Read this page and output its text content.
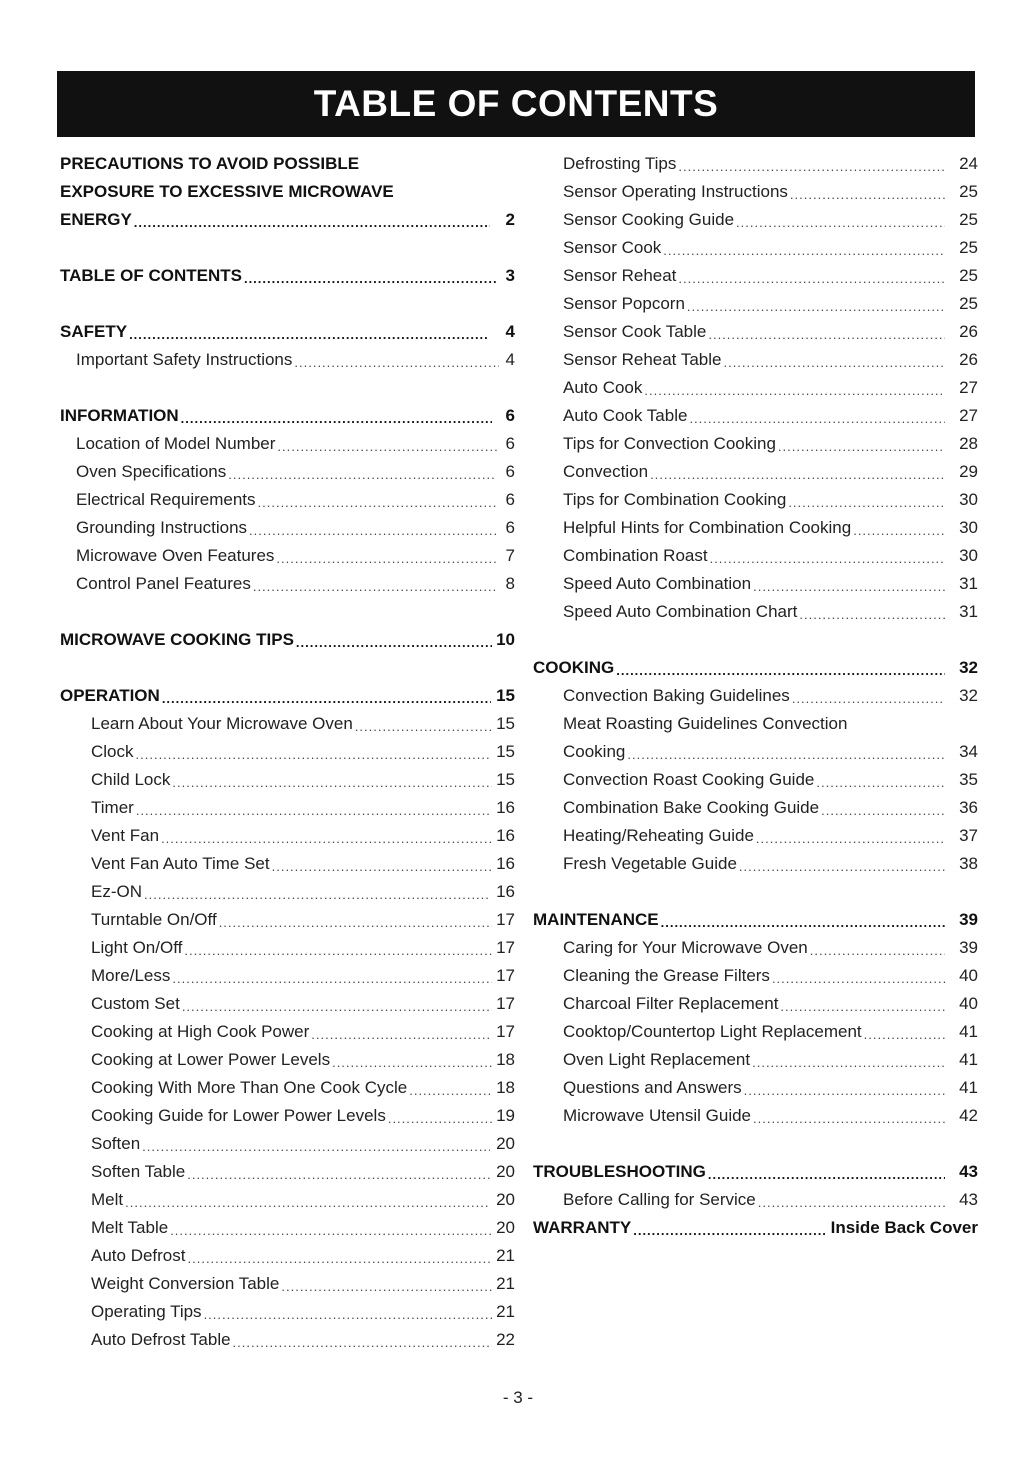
TABLE OF CONTENTS
PRECAUTIONS TO AVOID POSSIBLE
EXPOSURE TO EXCESSIVE MICROWAVE
ENERGY .....	2
TABLE OF CONTENTS .....	3
SAFETY .....	4
Important Safety Instructions .....	4
INFORMATION .....	6
Location of Model Number .....	6
Oven Specifications .....	6
Electrical Requirements .....	6
Grounding Instructions .....	6
Microwave Oven Features .....	7
Control Panel Features .....	8
MICROWAVE COOKING TIPS .....	10
OPERATION .....	15
Learn About Your Microwave Oven .....	15
Clock .....	15
Child Lock .....	15
Timer .....	16
Vent Fan .....	16
Vent Fan Auto Time Set .....	16
Ez-ON .....	16
Turntable On/Off .....	17
Light On/Off .....	17
More/Less .....	17
Custom Set .....	17
Cooking at High Cook Power .....	17
Cooking at Lower Power Levels .....	18
Cooking With More Than One Cook Cycle .....	18
Cooking Guide for Lower Power Levels .....	19
Soften .....	20
Soften Table .....	20
Melt .....	20
Melt Table .....	20
Auto Defrost .....	21
Weight Conversion Table .....	21
Operating Tips .....	21
Auto Defrost Table .....	22
Defrosting Tips .....	24
Sensor Operating Instructions .....	25
Sensor Cooking Guide .....	25
Sensor Cook .....	25
Sensor Reheat .....	25
Sensor Popcorn .....	25
Sensor Cook Table .....	26
Sensor Reheat Table .....	26
Auto Cook .....	27
Auto Cook Table .....	27
Tips for Convection Cooking .....	28
Convection .....	29
Tips for Combination Cooking .....	30
Helpful Hints for Combination Cooking .....	30
Combination Roast .....	30
Speed Auto Combination .....	31
Speed Auto Combination Chart .....	31
COOKING .....	32
Convection Baking Guidelines .....	32
Meat Roasting Guidelines Convection
Cooking .....	34
Convection Roast Cooking Guide .....	35
Combination Bake Cooking Guide .....	36
Heating/Reheating Guide .....	37
Fresh Vegetable Guide .....	38
MAINTENANCE .....	39
Caring for Your Microwave Oven .....	39
Cleaning the Grease Filters .....	40
Charcoal Filter Replacement .....	40
Cooktop/Countertop Light Replacement .....	41
Oven Light Replacement .....	41
Questions and Answers .....	41
Microwave Utensil Guide .....	42
TROUBLESHOOTING .....	43
Before Calling for Service .....	43
WARRANTY .....	Inside Back Cover
- 3 -
